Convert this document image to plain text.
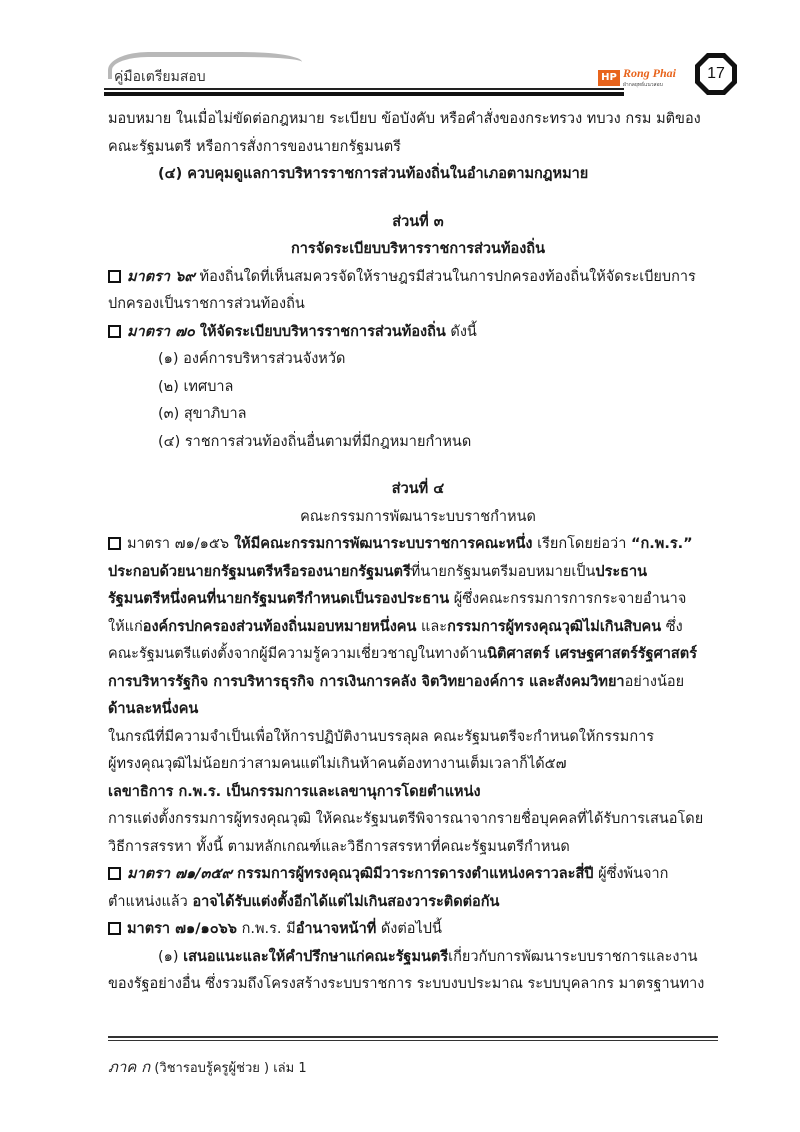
คู่มือเตรียมสอบ	HP Rong Phai
ฝ่ากลยุทธ์แนวสอบ
17
มอบหมาย ในเมื่อไม่ขัดต่อกฎหมาย ระเบียบ ข้อบังคับ หรือคำสั่งของกระทรวง ทบวง กรม มติของ
คณะรัฐมนตรี หรือการสั่งการของนายกรัฐมนตรี
(๔) ควบคุมดูแลการบริหารราชการส่วนท้องถิ่นในอำเภอตามกฎหมาย
ส่วนที่ ๓
การจัดระเบียบบริหารราชการส่วนท้องถิ่น
มาตรา ๖๙ ท้องถิ่นใดที่เห็นสมควรจัดให้ราษฎรมีส่วนในการปกครองท้องถิ่นให้จัดระเบียบการ
ปกครองเป็นราชการส่วนท้องถิ่น
มาตรา ๗๐ ให้จัดระเบียบบริหารราชการส่วนท้องถิ่น ดังนี้
(๑) องค์การบริหารส่วนจังหวัด
(๒) เทศบาล
(๓) สุขาภิบาล
(๔) ราชการส่วนท้องถิ่นอื่นตามที่มีกฎหมายกำหนด
ส่วนที่ ๔
คณะกรรมการพัฒนาระบบราชกำหนด
มาตรา ๗๑/๑๕๖ ให้มีคณะกรรมการพัฒนาระบบราชการคณะหนึ่ง เรียกโดยย่อว่า “ก.พ.ร.”
ประกอบด้วยนายกรัฐมนตรีหรือรองนายกรัฐมนตรีที่นายกรัฐมนตรีมอบหมายเป็นประธาน
รัฐมนตรีหนึ่งคนที่นายกรัฐมนตรีกำหนดเป็นรองประธาน ผู้ซึ่งคณะกรรมการการกระจายอำนาจ
ให้แก่องค์กรปกครองส่วนท้องถิ่นมอบหมายหนึ่งคน และกรรมการผู้ทรงคุณวุฒิไม่เกินสิบคน ซึ่ง
คณะรัฐมนตรีแต่งตั้งจากผู้มีความรู้ความเชี่ยวชาญในทางด้านนิติศาสตร์ เศรษฐศาสตร์รัฐศาสตร์
การบริหารรัฐกิจ การบริหารธุรกิจ การเงินการคลัง จิตวิทยาองค์การ และสังคมวิทยาอย่างน้อย
ด้านละหนึ่งคน
ในกรณีที่มีความจำเป็นเพื่อให้การปฏิบัติงานบรรลุผล คณะรัฐมนตรีจะกำหนดให้กรรมการ
ผู้ทรงคุณวุฒิไม่น้อยกว่าสามคนแต่ไม่เกินห้าคนต้องทางานเต็มเวลาก็ได้๕๗
เลขาธิการ ก.พ.ร. เป็นกรรมการและเลขานุการโดยตำแหน่ง
การแต่งตั้งกรรมการผู้ทรงคุณวุฒิ ให้คณะรัฐมนตรีพิจารณาจากรายชื่อบุคคลที่ได้รับการเสนอโดย
วิธีการสรรหา ทั้งนี้ ตามหลักเกณฑ์และวิธีการสรรหาที่คณะรัฐมนตรีกำหนด
มาตรา ๗๑/๓๕๙ กรรมการผู้ทรงคุณวุฒิมีวาระการดารงตำแหน่งคราวละสี่ปี ผู้ซึ่งพ้นจาก
ตำแหน่งแล้ว อาจได้รับแต่งตั้งอีกได้แต่ไม่เกินสองวาระติดต่อกัน
มาตรา ๗๑/๑๐๖๖ ก.พ.ร. มีอำนาจหน้าที่ ดังต่อไปนี้
(๑) เสนอแนะและให้คำปรึกษาแก่คณะรัฐมนตรีเกี่ยวกับการพัฒนาระบบราชการและงาน
ของรัฐอย่างอื่น ซึ่งรวมถึงโครงสร้างระบบราชการ ระบบงบประมาณ ระบบบุคลากร มาตรฐานทาง
ภาค ก (วิชารอบรู้ครูผู้ช่วย ) เล่ม 1
